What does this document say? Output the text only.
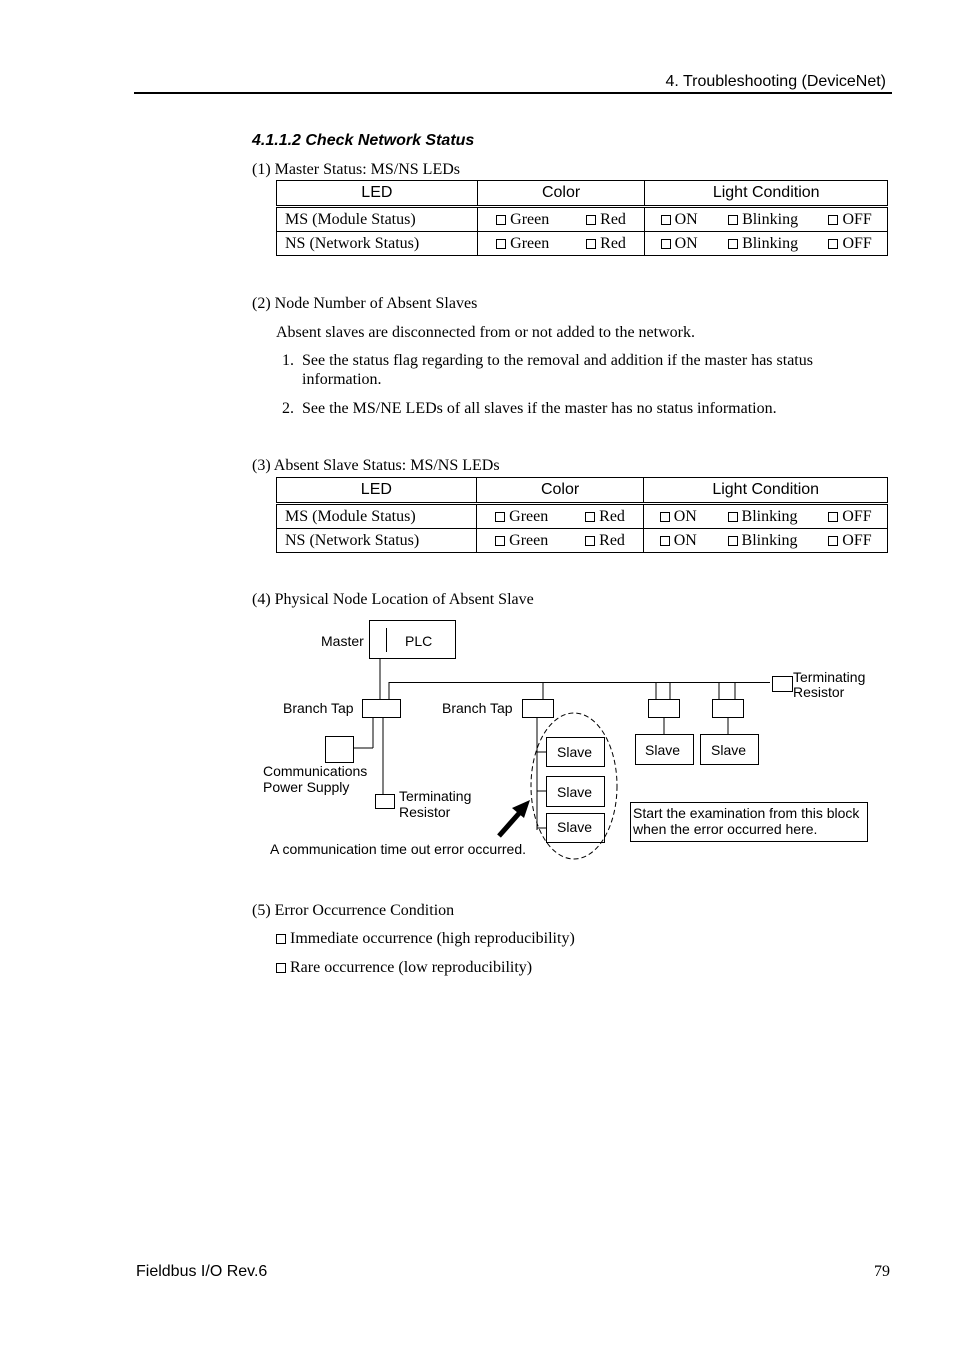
4. Troubleshooting (DeviceNet)
4.1.1.2 Check Network Status
(1) Master Status: MS/NS LEDs
LED	Color	Light Condition
MS (Module Status)	Green Red	ON Blinking OFF

NS (Network Status)	Green Red	ON Blinking OFF
(2) Node Number of Absent Slaves
Absent slaves are disconnected from or not added to the network.
1. See the status flag regarding to the removal and addition if the master has status
information.
2. See the MS/NE LEDs of all slaves if the master has no status information.
(3) Absent Slave Status: MS/NS LEDs
LED	Color	Light Condition
MS (Module Status)	Green Red	ON Blinking OFF

NS (Network Status)	Green Red	ON Blinking OFF
(4) Physical Node Location of Absent Slave
Master	PLC
Branch Tap	Branch Tap
Terminating
Resistor
Communications
Power Supply
Terminating
Resistor
Slave Slave
Slave
Slave
Slave
A communication time out error occurred.
Start the examination from this block
when the error occurred here.
(5) Error Occurrence Condition
Immediate occurrence (high reproducibility)
Rare occurrence (low reproducibility)
Fieldbus I/O Rev.6	79
